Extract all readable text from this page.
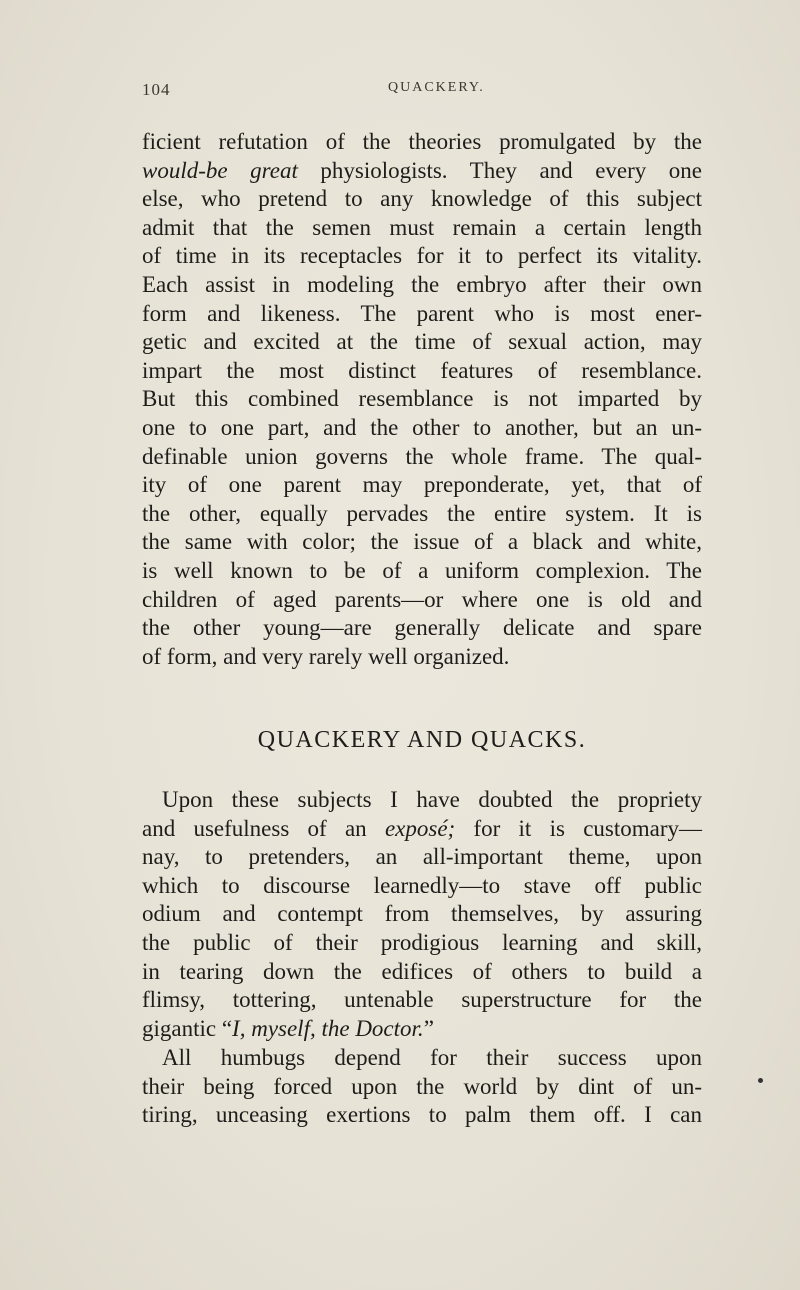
104	QUACKERY.
ficient refutation of the theories promulgated by the
would-be great physiologists. They and every one
else, who pretend to any knowledge of this subject
admit that the semen must remain a certain length
of time in its receptacles for it to perfect its vitality.
Each assist in modeling the embryo after their own
form and likeness. The parent who is most ener-
getic and excited at the time of sexual action, may
impart the most distinct features of resemblance.
But this combined resemblance is not imparted by
one to one part, and the other to another, but an un-
definable union governs the whole frame. The qual-
ity of one parent may preponderate, yet, that of
the other, equally pervades the entire system. It is
the same with color; the issue of a black and white,
is well known to be of a uniform complexion. The
children of aged parents—or where one is old and
the other young—are generally delicate and spare
of form, and very rarely well organized.
QUACKERY AND QUACKS.
Upon these subjects I have doubted the propriety
and usefulness of an exposé; for it is customary—
nay, to pretenders, an all-important theme, upon
which to discourse learnedly—to stave off public
odium and contempt from themselves, by assuring
the public of their prodigious learning and skill,
in tearing down the edifices of others to build a
flimsy, tottering, untenable superstructure for the
gigantic “I, myself, the Doctor.”
All humbugs depend for their success upon
their being forced upon the world by dint of un-
tiring, unceasing exertions to palm them off. I can
